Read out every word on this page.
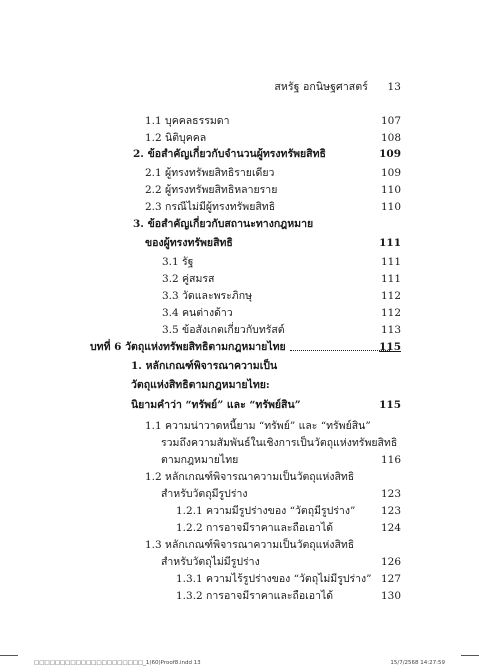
สหรัฐ อกนิษฐศาสตร์ 13
1.1 บุคคลธรรมดา	107
1.2 นิติบุคคล	108
2. ข้อสำคัญเกี่ยวกับจำนวนผู้ทรงทรัพยสิทธิ	109
2.1 ผู้ทรงทรัพยสิทธิรายเดียว	109
2.2 ผู้ทรงทรัพยสิทธิหลายราย	110
2.3 กรณีไม่มีผู้ทรงทรัพยสิทธิ	110
3. ข้อสำคัญเกี่ยวกับสถานะทางกฎหมาย
ของผู้ทรงทรัพยสิทธิ	111
3.1 รัฐ	111
3.2 คู่สมรส	111
3.3 วัดและพระภิกษุ	112
3.4 คนต่างด้าว	112
3.5 ข้อสังเกตเกี่ยวกับทรัสต์	113
บทที่ 6 วัตถุแห่งทรัพยสิทธิตามกฎหมายไทย	115
1. หลักเกณฑ์พิจารณาความเป็น
วัตถุแห่งสิทธิตามกฎหมายไทย:
นิยามคำว่า “ทรัพย์” และ “ทรัพย์สิน”	115
1.1 ความน่าวาดหนี้ยาม “ทรัพย์” และ “ทรัพย์สิน”
รวมถึงความสัมพันธ์ในเชิงการเป็นวัตถุแห่งทรัพยสิทธิ
ตามกฎหมายไทย	116
1.2 หลักเกณฑ์พิจารณาความเป็นวัตถุแห่งสิทธิ
สำหรับวัตถุมีรูปร่าง	123
1.2.1 ความมีรูปร่างของ “วัตถุมีรูปร่าง” 123
1.2.2 การอาจมีราคาและถือเอาได้	124
1.3 หลักเกณฑ์พิจารณาความเป็นวัตถุแห่งสิทธิ
สำหรับวัตถุไม่มีรูปร่าง	126
1.3.1 ความไร้รูปร่างของ “วัตถุไม่มีรูปร่าง” 127
1.3.2 การอาจมีราคาและถือเอาได้	130
□□□□□□□□□□□□□□□□□□□□□_1(60)Proof8.indd 13	15/7/2568 14:27:59
